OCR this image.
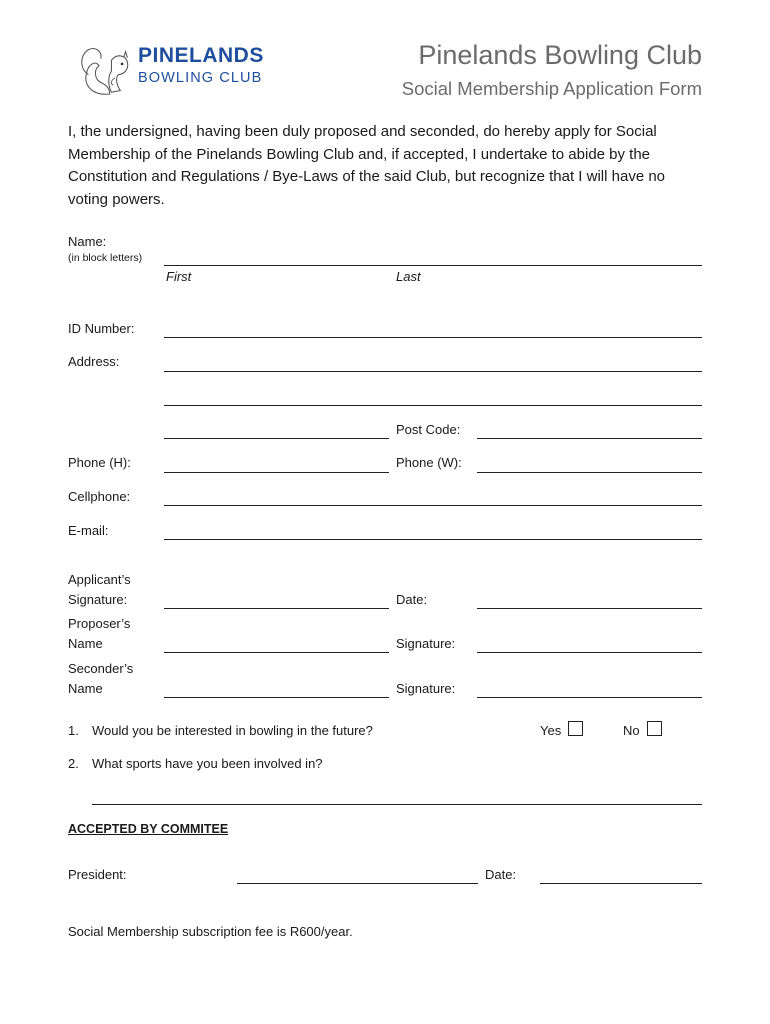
PINELANDS
BOWLING CLUB
Pinelands Bowling Club
Social Membership Application Form
I, the undersigned, having been duly proposed and seconded, do hereby apply for Social Membership of the Pinelands Bowling Club and, if accepted, I undertake to abide by the Constitution and Regulations / Bye-Laws of the said Club, but recognize that I will have no voting powers.
Name:
(in block letters)
First	Last
ID Number:
Address:
Post Code:
Phone (H):	Phone (W):
Cellphone:
E-mail:
Applicant’s
Signature:	Date:
Proposer’s
Name	Signature:
Seconder’s
Name	Signature:
1. Would you be interested in bowling in the future?	Yes	No
2. What sports have you been involved in?
ACCEPTED BY COMMITEE
President:	Date:
Social Membership subscription fee is R600/year.
